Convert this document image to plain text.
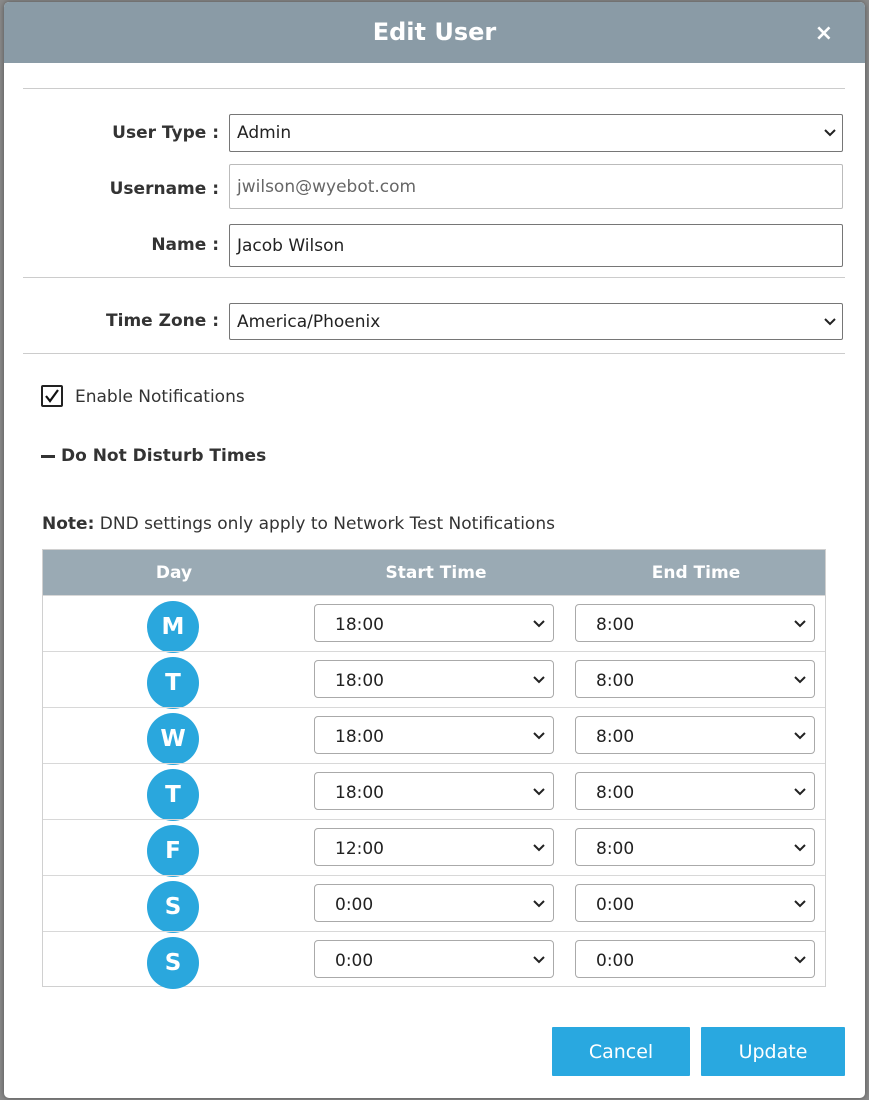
Edit User	×
User Type : Admin
Username : jwilson@wyebot.com
Name : Jacob Wilson
Time Zone : America/Phoenix
Enable Notifications
Do Not Disturb Times
Note: DND settings only apply to Network Test Notifications
Day	Start Time	End Time
M	18:00	8:00
T	18:00	8:00
W	18:00	8:00
T	18:00	8:00
F	12:00	8:00
S	0:00	0:00
S	0:00	0:00
Cancel	Update
